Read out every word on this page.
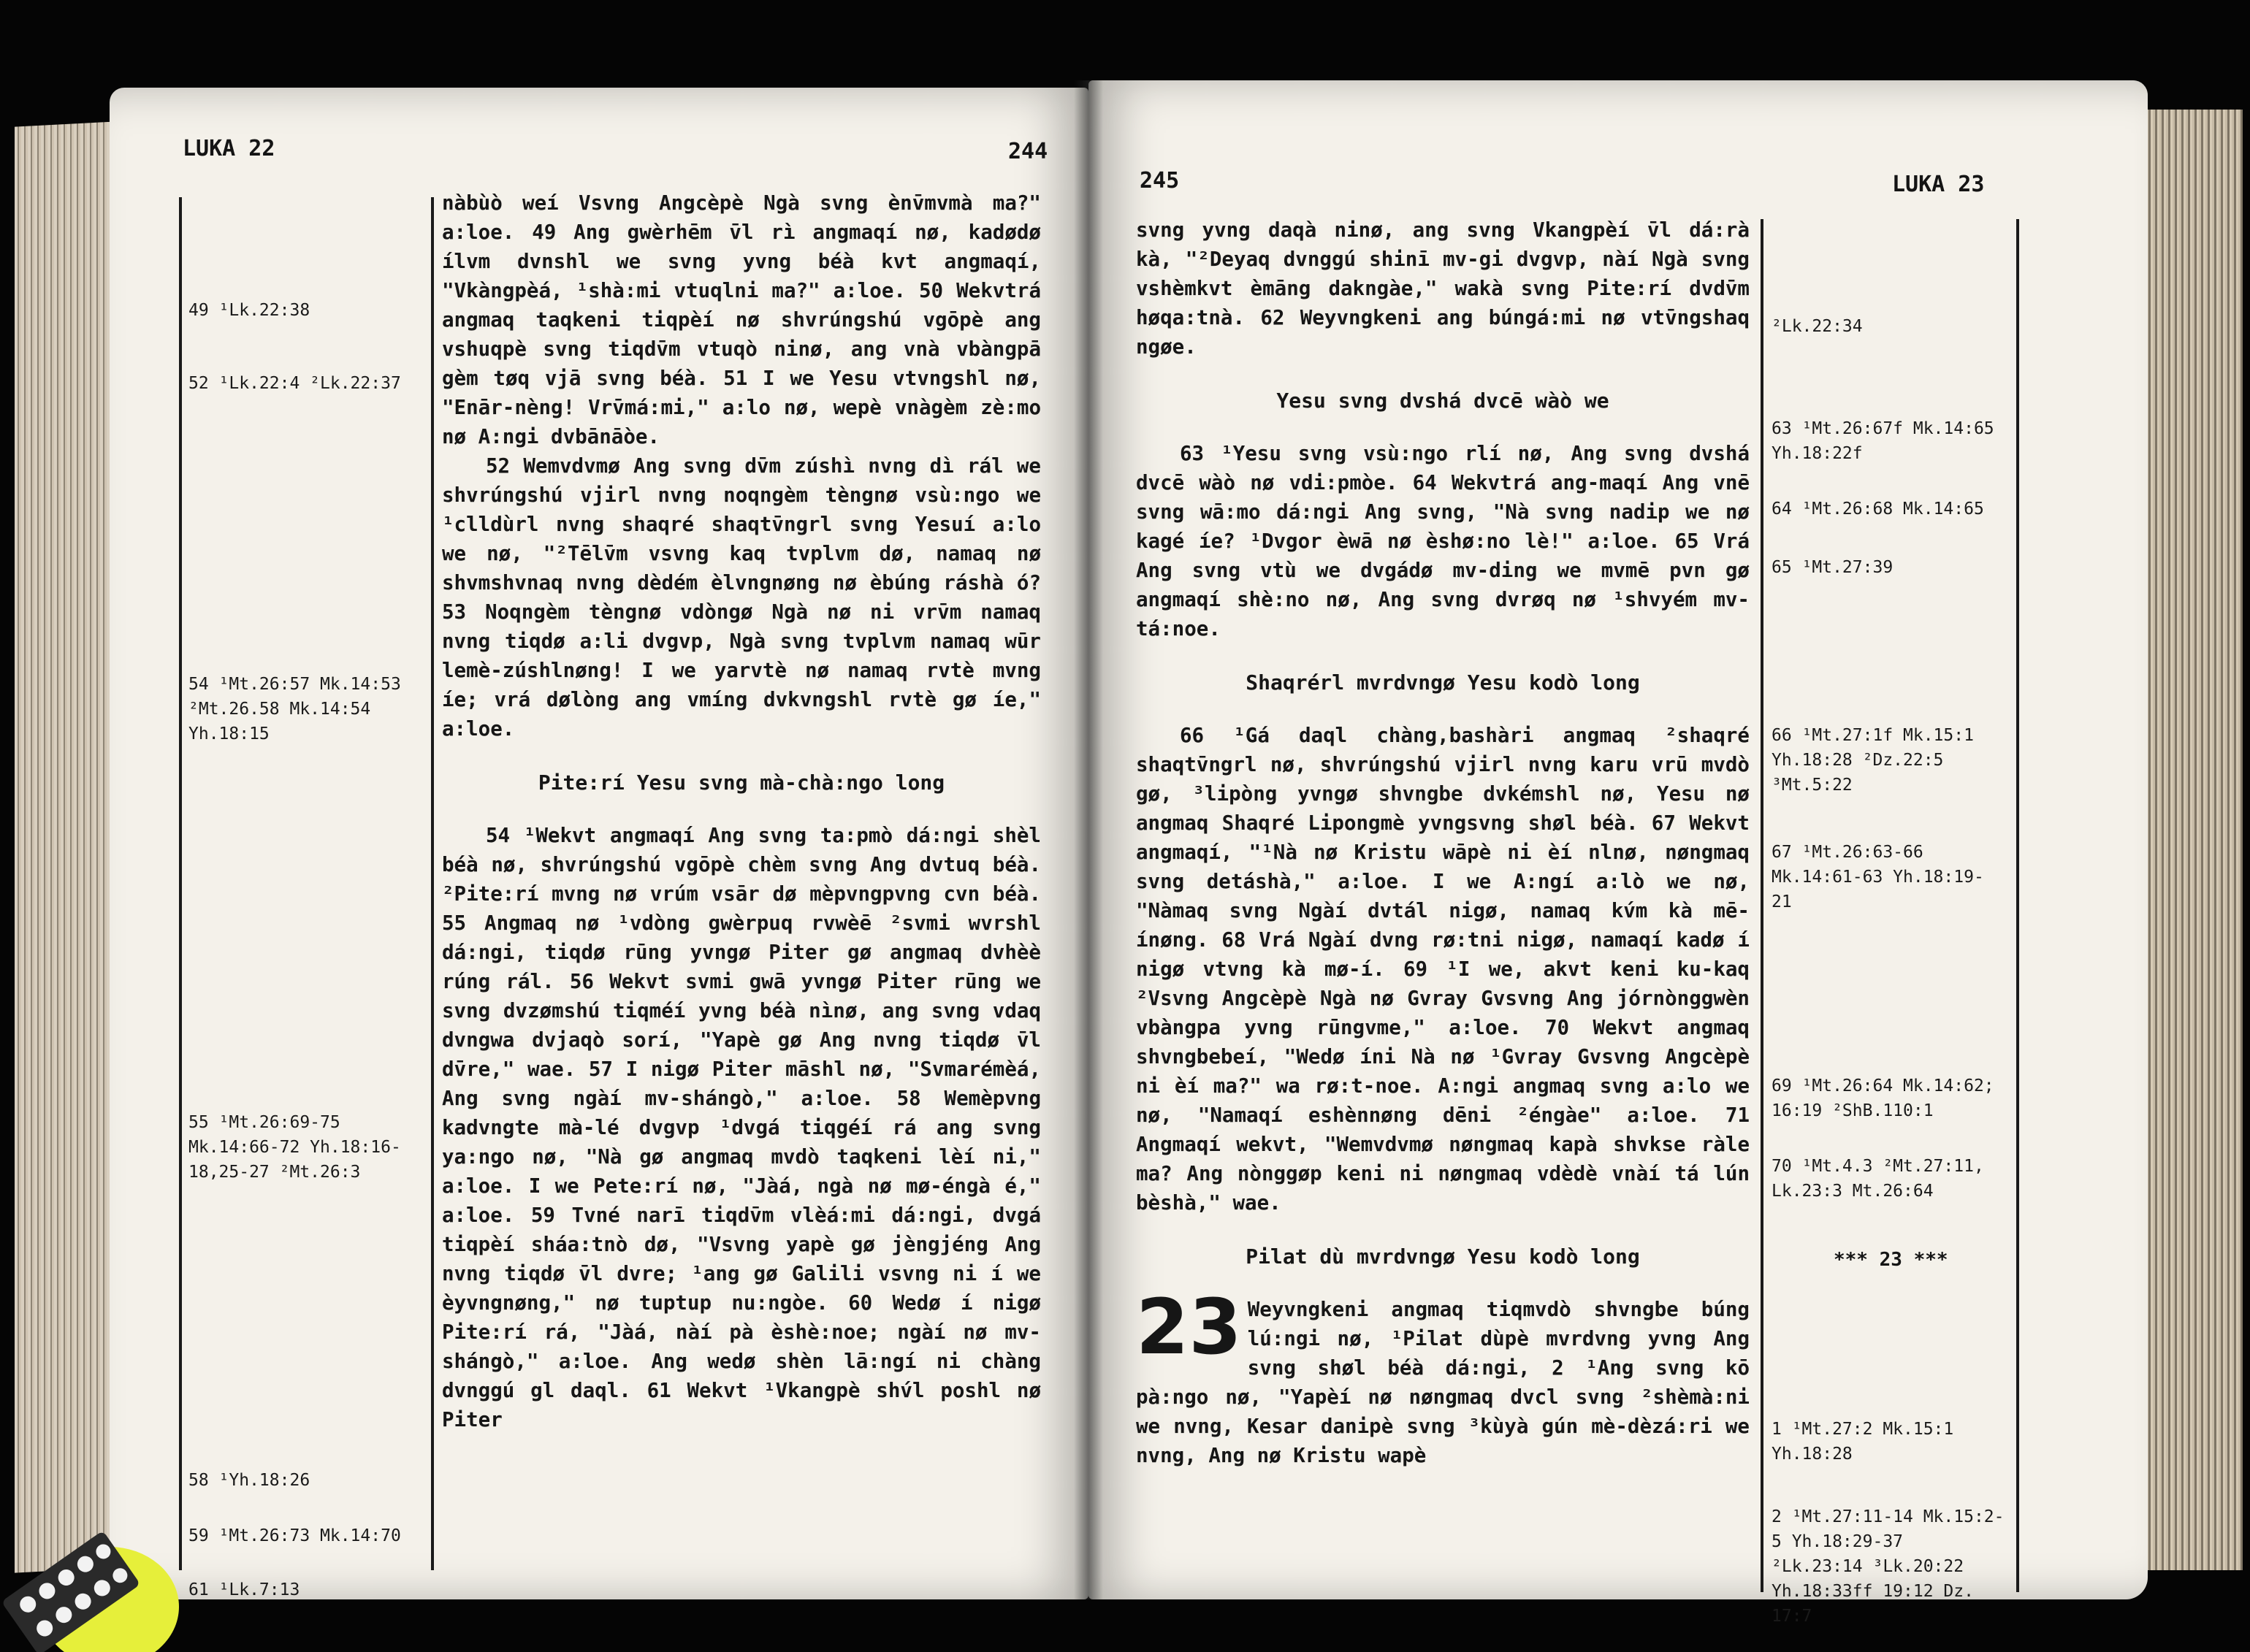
LUKA 22	244
49 ¹Lk.22:38
52 ¹Lk.22:4 ²Lk.22:37
54 ¹Mt.26:57 Mk.14:53
²Mt.26.58 Mk.14:54
Yh.18:15
55 ¹Mt.26:69-75
Mk.14:66-72 Yh.18:16-
18,25-27 ²Mt.26:3
58 ¹Yh.18:26
59 ¹Mt.26:73 Mk.14:70
61 ¹Lk.7:13

nàbùò weí Vsvng Angcèpè Ngà svng ènv̄mvmà ma?" a:loe. 49 Ang gwèrhēm v̄l rì angmaqí nø, kadødø ílvm dvnshl we svng yvng béà kvt angmaqí, "Vkàngpèá, ¹shà:mi vtuqlni ma?" a:loe. 50 Wekvtrá angmaq taqkeni tiqpèí nø shvrúngshú vgōpè ang vshuqpè svng tiqdv̄m vtuqò ninø, ang vnà vbàngpā gèm tøq vjā svng béà. 51 I we Yesu vtvngshl nø, "Enār-nèng! Vrv̄má:mi," a:lo nø, wepè vnàgèm zè:mo nø A:ngi dvbānāòe.

52 Wemvdvmø Ang svng dv̄m zúshì nvng dì rál we shvrúngshú vjirl nvng noqngèm tèngnø vsù:ngo we ¹clldùrl nvng shaqré shaqtv̄ngrl svng Yesuí a:lo we nø, "²Tēlv̄m vsvng kaq tvplvm dø, namaq nø shvmshvnaq nvng dèdém èlvngnøng nø èbúng ráshà ó? 53 Noqngèm tèngnø vdòngø Ngà nø ni vrv̄m namaq nvng tiqdø a:li dvgvp, Ngà svng tvplvm namaq wūr lemè-zúshlnøng! I we yarvtè nø namaq rvtè mvng íe; vrá dølòng ang vmíng dvkvngshl rvtè gø íe," a:loe.

Pite:rí Yesu svng mà-chà:ngo long

54 ¹Wekvt angmaqí Ang svng ta:pmò dá:ngi shèl béà nø, shvrúngshú vgōpè chèm svng Ang dvtuq béà. ²Pite:rí mvng nø vrúm vsār dø mèpvngpvng cvn béà. 55 Angmaq nø ¹vdòng gwèrpuq rvwèē ²svmi wvrshl dá:ngi, tiqdø rūng yvngø Piter gø angmaq dvhèè rúng rál. 56 Wekvt svmi gwā yvngø Piter rūng we svng dvzømshú tiqméí yvng béà nìnø, ang svng vdaq dvngwa dvjaqò sorí, "Yapè gø Ang nvng tiqdø v̄l dv̄re," wae. 57 I nigø Piter māshl nø, "Svmarémèá, Ang svng ngàí mv-shángò," a:loe. 58 Wemèpvng kadvngte mà-lé dvgvp ¹dvgá tiqgéí rá ang svng ya:ngo nø, "Nà gø angmaq mvdò taqkeni lèí ni," a:loe. I we Pete:rí nø, "Jàá, ngà nø mø-éngà é," a:loe. 59 Tvné narī tiqdv̄m vlèá:mi dá:ngi, dvgá tiqpèí sháa:tnò dø, "Vsvng yapè gø jèngjéng Ang nvng tiqdø v̄l dvre; ¹ang gø Galili vsvng ni í we èyvngnøng," nø tuptup nu:ngòe. 60 Wedø í nigø Pite:rí rá, "Jàá, nàí pà èshè:noe; ngàí nø mv-shángò," a:loe. Ang wedø shèn lā:ngí ni chàng dvnggú gl daql. 61 Wekvt ¹Vkangpè shv́l poshl nø Piter

245	LUKA 23

svng yvng daqà ninø, ang svng Vkangpèí v̄l dá:rà kà, "²Deyaq dvnggú shinī mv-gi dvgvp, nàí Ngà svng vshèmkvt èmāng dakngàe," wakà svng Pite:rí dvdv̄m høqa:tnà. 62 Weyvngkeni ang búngá:mi nø vtv̄ngshaq ngøe.

Yesu svng dvshá dvcē wàò we

63 ¹Yesu svng vsù:ngo rlí nø, Ang svng dvshá dvcē wàò nø vdi:pmòe. 64 Wekvtrá ang-maqí Ang vnē svng wā:mo dá:ngi Ang svng, "Nà svng nadip we nø kagé íe? ¹Dvgor èwā nø èshø:no lè!" a:loe. 65 Vrá Ang svng vtù we dvgádø mv-ding we mvmē pvn gø angmaqí shè:no nø, Ang svng dvrøq nø ¹shvyém mv-tá:noe.

Shaqrérl mvrdvngø Yesu kodò long

66 ¹Gá daql chàng,bashàri angmaq ²shaqré shaqtv̄ngrl nø, shvrúngshú vjirl nvng karu vrū mvdò gø, ³lipòng yvngø shvngbe dvkémshl nø, Yesu nø angmaq Shaqré Lipongmè yvngsvng shøl béà. 67 Wekvt angmaqí, "¹Nà nø Kristu wāpè ni èí nlnø, nøngmaq svng detáshà," a:loe. I we A:ngí a:lò we nø, "Nàmaq svng Ngàí dvtál nigø, namaq kv́m kà mē-ínøng. 68 Vrá Ngàí dvng rø:tni nigø, namaqí kadø í nigø vtvng kà mø-í. 69 ¹I we, akvt keni ku-kaq ²Vsvng Angcèpè Ngà nø Gvray Gvsvng Ang jórnònggwèn vbàngpa yvng rūngvme," a:loe. 70 Wekvt angmaq shvngbebeí, "Wedø íni Nà nø ¹Gvray Gvsvng Angcèpè ni èí ma?" wa rø:t-noe. A:ngi angmaq svng a:lo we nø, "Namaqí eshènnøng dēni ²éngàe" a:loe. 71 Angmaqí wekvt, "Wemvdvmø nøngmaq kapà shvkse ràle ma? Ang nònggøp keni ni nøngmaq vdèdè vnàí tá lún bèshà," wae.

Pilat dù mvrdvngø Yesu kodò long

23 Weyvngkeni angmaq tiqmvdò shvngbe búng lú:ngi nø, ¹Pilat dùpè mvrdvng yvng Ang svng shøl béà dá:ngi, 2 ¹Ang svng kō pà:ngo nø, "Yapèí nø nøngmaq dvcl svng ²shèmà:ni we nvng, Kesar danipè svng ³kùyà gún mè-dèzá:ri we nvng, Ang nø Kristu wapè

²Lk.22:34
63 ¹Mt.26:67f Mk.14:65
Yh.18:22f
64 ¹Mt.26:68 Mk.14:65
65 ¹Mt.27:39
66 ¹Mt.27:1f Mk.15:1
Yh.18:28 ²Dz.22:5
³Mt.5:22
67 ¹Mt.26:63-66
Mk.14:61-63 Yh.18:19-
21
69 ¹Mt.26:64 Mk.14:62;
16:19 ²ShB.110:1
70 ¹Mt.4.3 ²Mt.27:11,
Lk.23:3 Mt.26:64
1 ¹Mt.27:2 Mk.15:1
Yh.18:28
2 ¹Mt.27:11-14 Mk.15:2-
5 Yh.18:29-37
²Lk.23:14 ³Lk.20:22
Yh.18:33ff 19:12 Dz.
17:7
*** 23 ***
